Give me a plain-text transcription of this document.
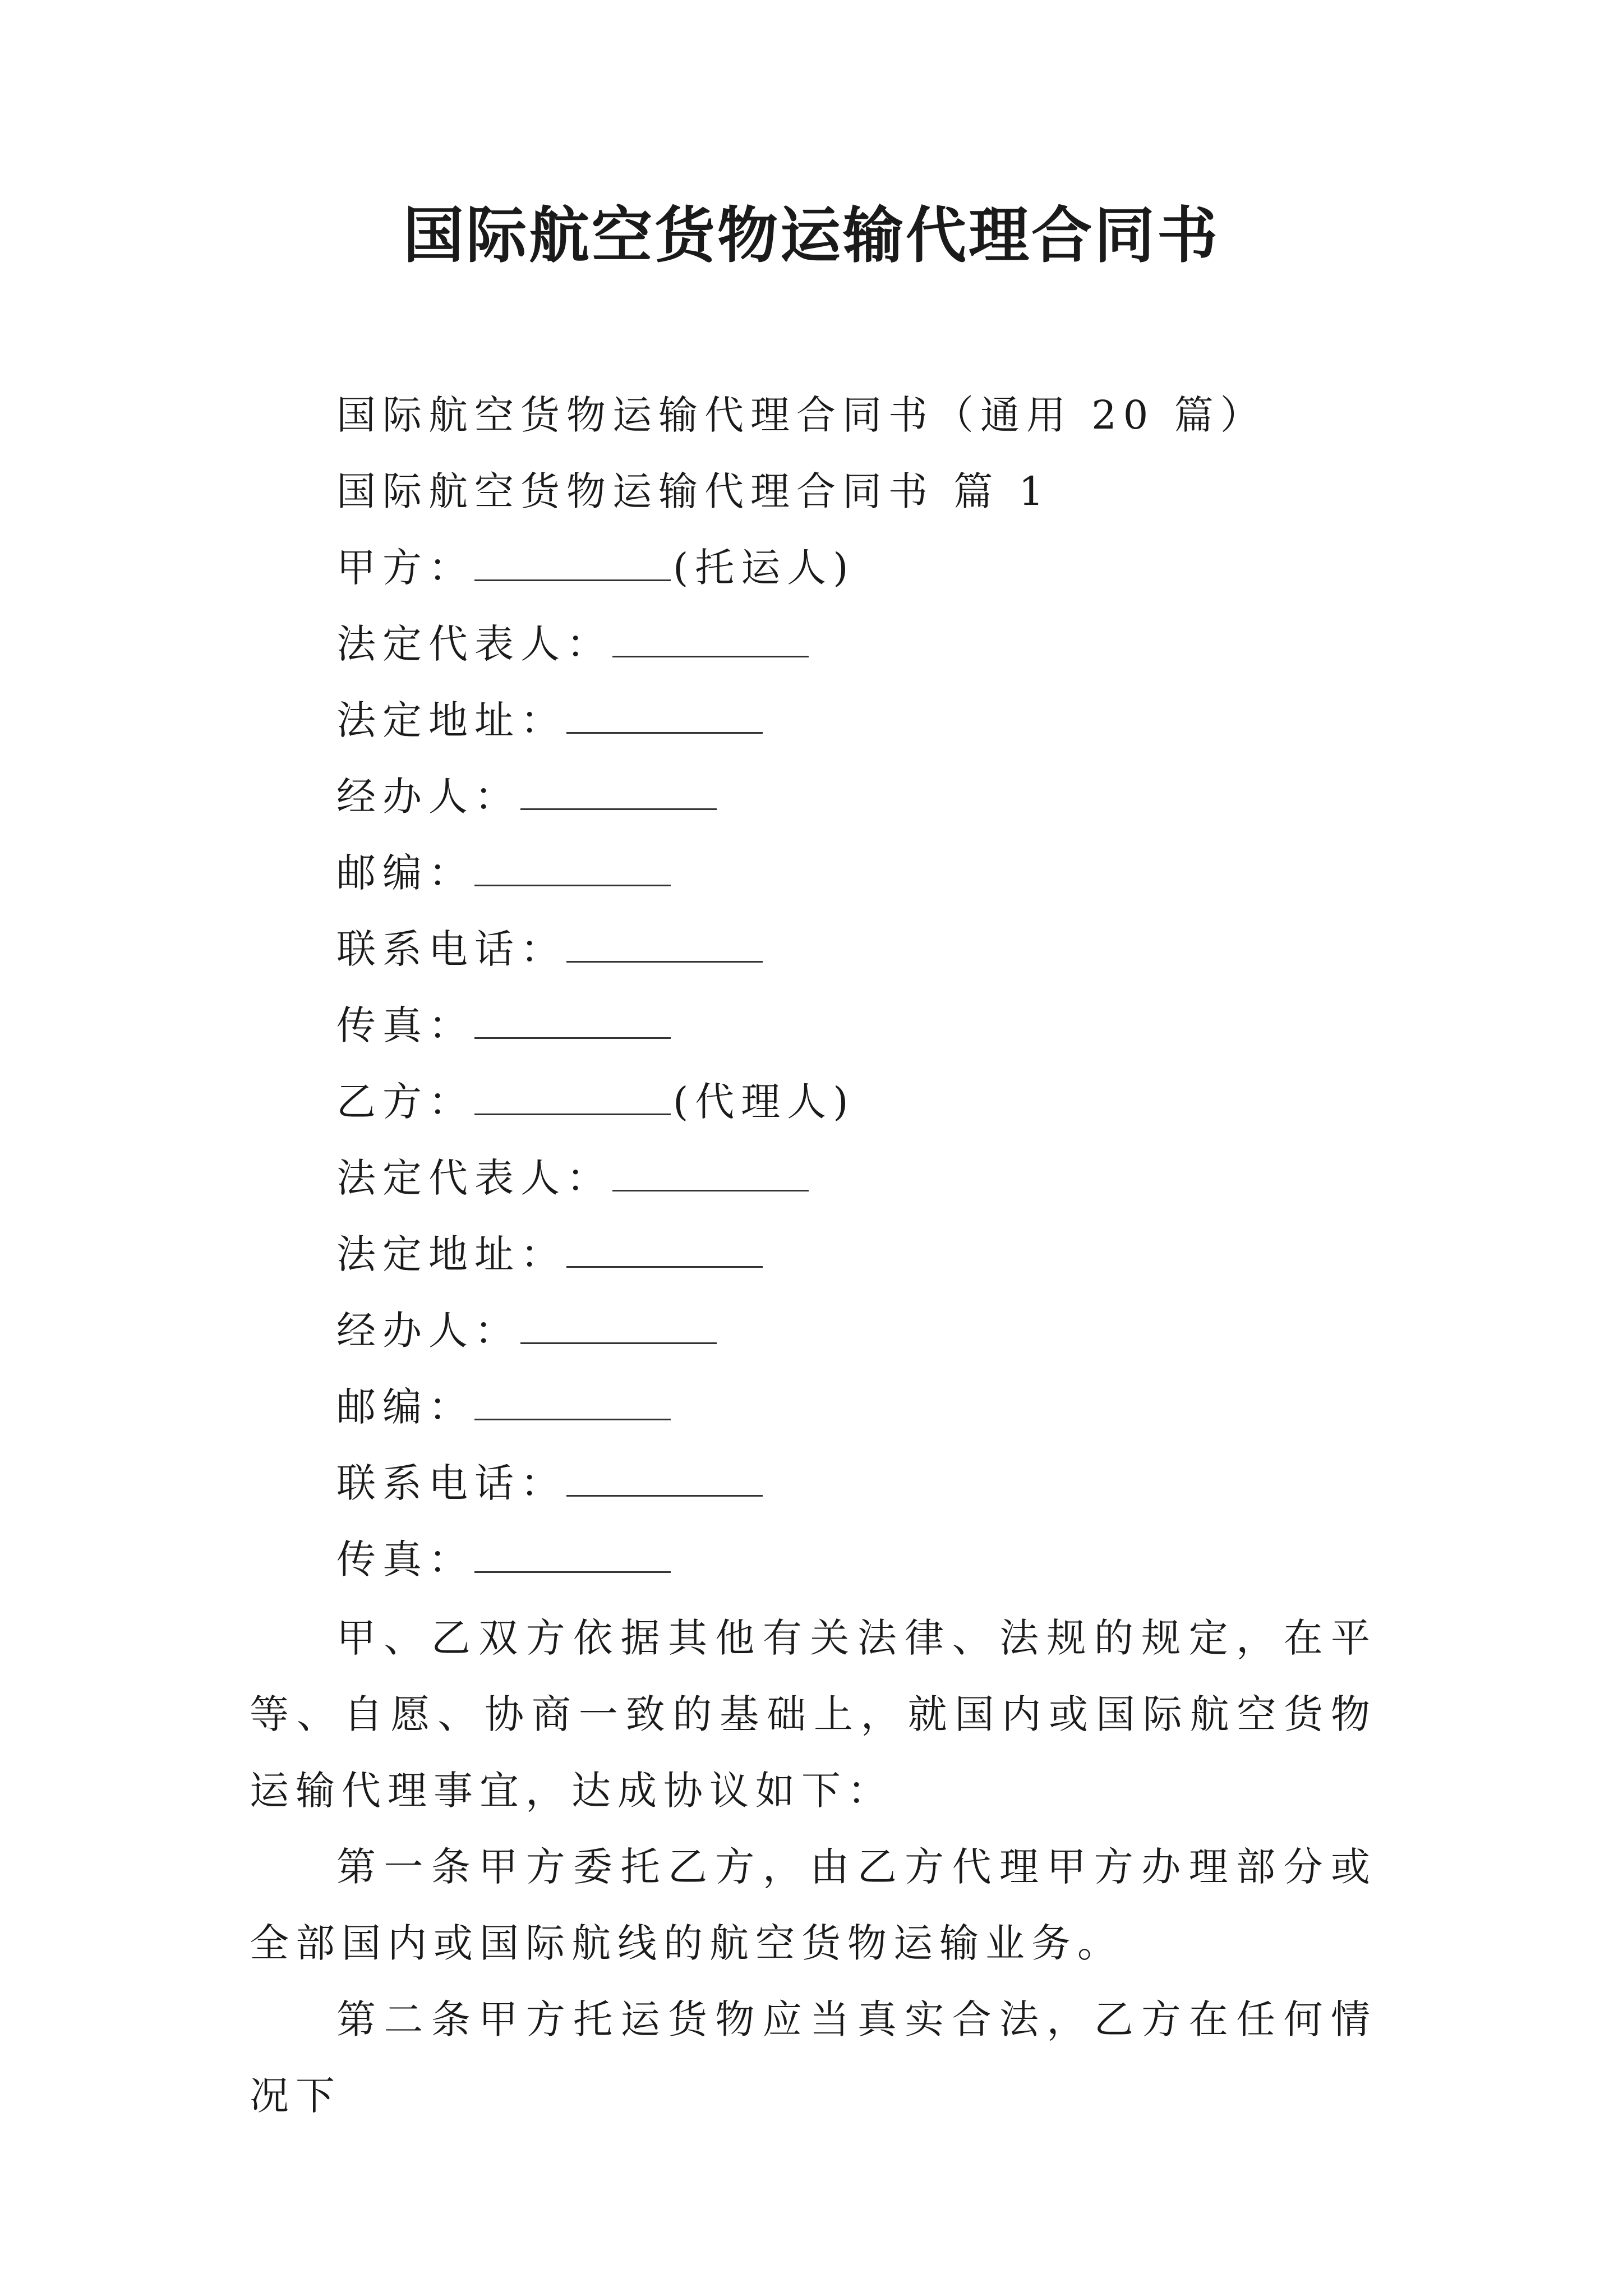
国际航空货物运输代理合同书
国际航空货物运输代理合同书（通用 20 篇）
国际航空货物运输代理合同书 篇 1
甲方：	(托运人)
法定代表人：
法定地址：
经办人：
邮编：
联系电话：
传真：
乙方：	(代理人)
法定代表人：
法定地址：
经办人：
邮编：
联系电话：
传真：

甲、乙双方依据其他有关法律、法规的规定，在平等、自愿、协商一致的基础上，就国内或国际航空货物运输代理事宜，达成协议如下：

第一条甲方委托乙方，由乙方代理甲方办理部分或全部国内或国际航线的航空货物运输业务。

第二条甲方托运货物应当真实合法，乙方在任何情况下
